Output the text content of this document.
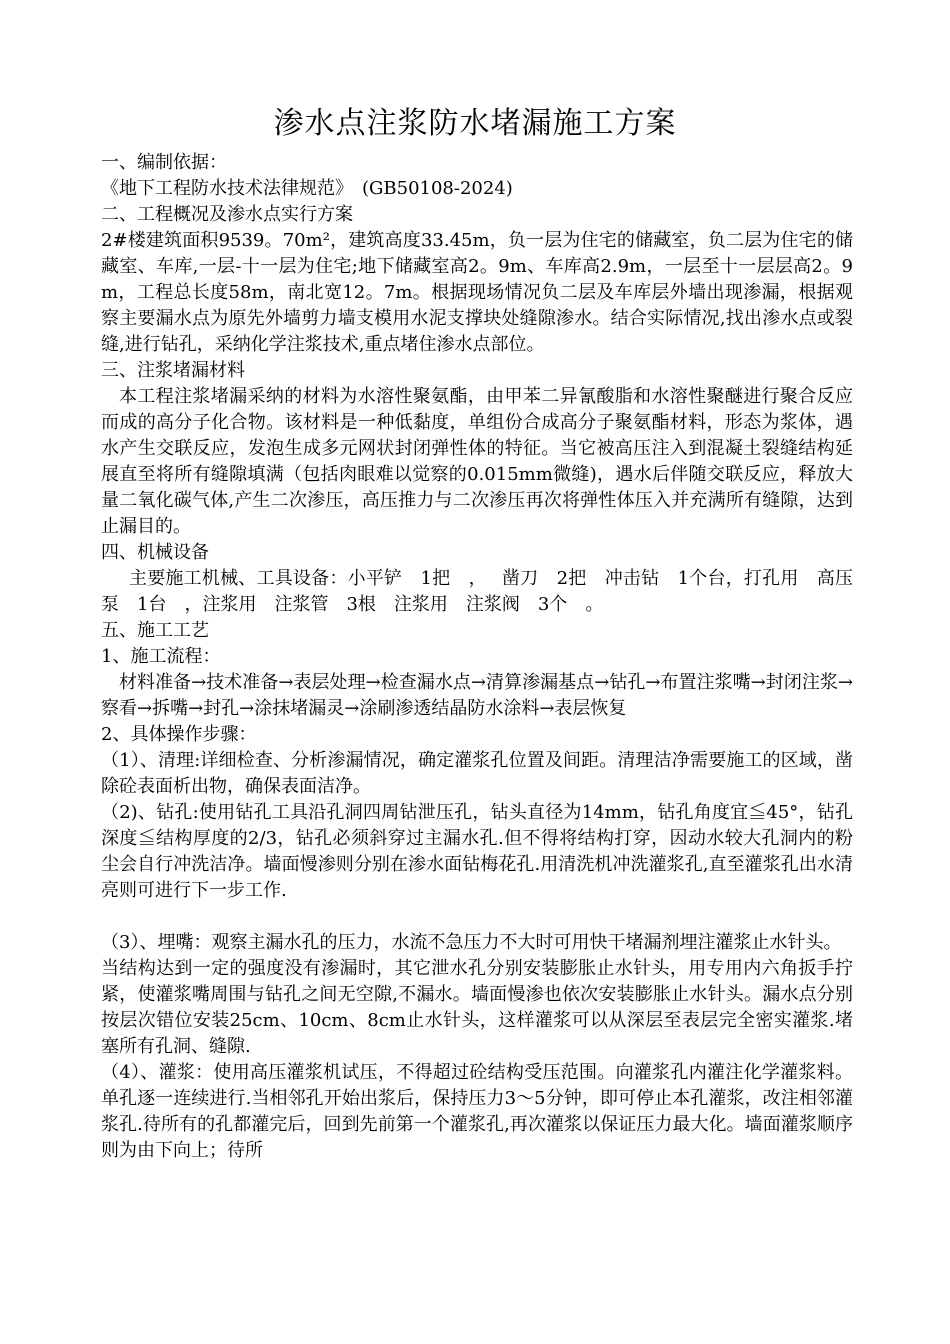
渗水点注浆防水堵漏施工方案

一、编制依据：

《地下工程防水技术法律规范》　(GB50108-2024)

二、工程概况及渗水点实行方案

2#楼建筑面积9539。70m²，建筑高度33.45m，负一层为住宅的储藏室，负二层为住宅的储藏室、车库,一层-十一层为住宅;地下储藏室高2。9m、车库高2.9m，一层至十一层层高2。9m，工程总长度58m，南北宽12。7m。根据现场情况负二层及车库层外墙出现渗漏，根据观察主要漏水点为原先外墙剪力墙支模用水泥支撑块处缝隙渗水。结合实际情况,找出渗水点或裂缝,进行钻孔，采纳化学注浆技术,重点堵住渗水点部位。

三、注浆堵漏材料

本工程注浆堵漏采纳的材料为水溶性聚氨酯，由甲苯二异氰酸脂和水溶性聚醚进行聚合反应而成的高分子化合物。该材料是一种低黏度，单组份合成高分子聚氨酯材料，形态为浆体，遇水产生交联反应，发泡生成多元网状封闭弹性体的特征。当它被高压注入到混凝土裂缝结构延展直至将所有缝隙填满（包括肉眼难以觉察的0.015mm微缝)，遇水后伴随交联反应，释放大量二氧化碳气体,产生二次渗压，高压推力与二次渗压再次将弹性体压入并充满所有缝隙，达到止漏目的。

四、机械设备

主要施工机械、工具设备：小平铲　1把　，　 凿刀　2把　冲击钻　1个台，打孔用　高压泵　1台　，注浆用　注浆管　3根　注浆用　注浆阀　3个　。

五、施工工艺

1、施工流程：

材料准备→技术准备→表层处理→检查漏水点→清算渗漏基点→钻孔→布置注浆嘴→封闭注浆→察看→拆嘴→封孔→涂抹堵漏灵→涂刷渗透结晶防水涂料→表层恢复

2、具体操作步骤：

（1）、清理:详细检查、分析渗漏情况，确定灌浆孔位置及间距。清理洁净需要施工的区域，凿除砼表面析出物，确保表面洁净。

（2)、钻孔:使用钻孔工具沿孔洞四周钻泄压孔，钻头直径为14mm，钻孔角度宜≦45°，钻孔深度≦结构厚度的2/3，钻孔必须斜穿过主漏水孔.但不得将结构打穿，因动水较大孔洞内的粉尘会自行冲洗洁净。墙面慢渗则分别在渗水面钻梅花孔.用清洗机冲洗灌浆孔,直至灌浆孔出水清亮则可进行下一步工作.

（3）、埋嘴：观察主漏水孔的压力，水流不急压力不大时可用快干堵漏剂埋注灌浆止水针头。

当结构达到一定的强度没有渗漏时，其它泄水孔分别安装膨胀止水针头，用专用内六角扳手拧紧，使灌浆嘴周围与钻孔之间无空隙,不漏水。墙面慢渗也依次安装膨胀止水针头。漏水点分别按层次错位安装25cm、10cm、8cm止水针头，这样灌浆可以从深层至表层完全密实灌浆.堵塞所有孔洞、缝隙.

（4）、灌浆：使用高压灌浆机试压，不得超过砼结构受压范围。向灌浆孔内灌注化学灌浆料。单孔逐一连续进行.当相邻孔开始出浆后，保持压力3～5分钟，即可停止本孔灌浆，改注相邻灌浆孔.待所有的孔都灌完后，回到先前第一个灌浆孔,再次灌浆以保证压力最大化。墙面灌浆顺序则为由下向上；待所
